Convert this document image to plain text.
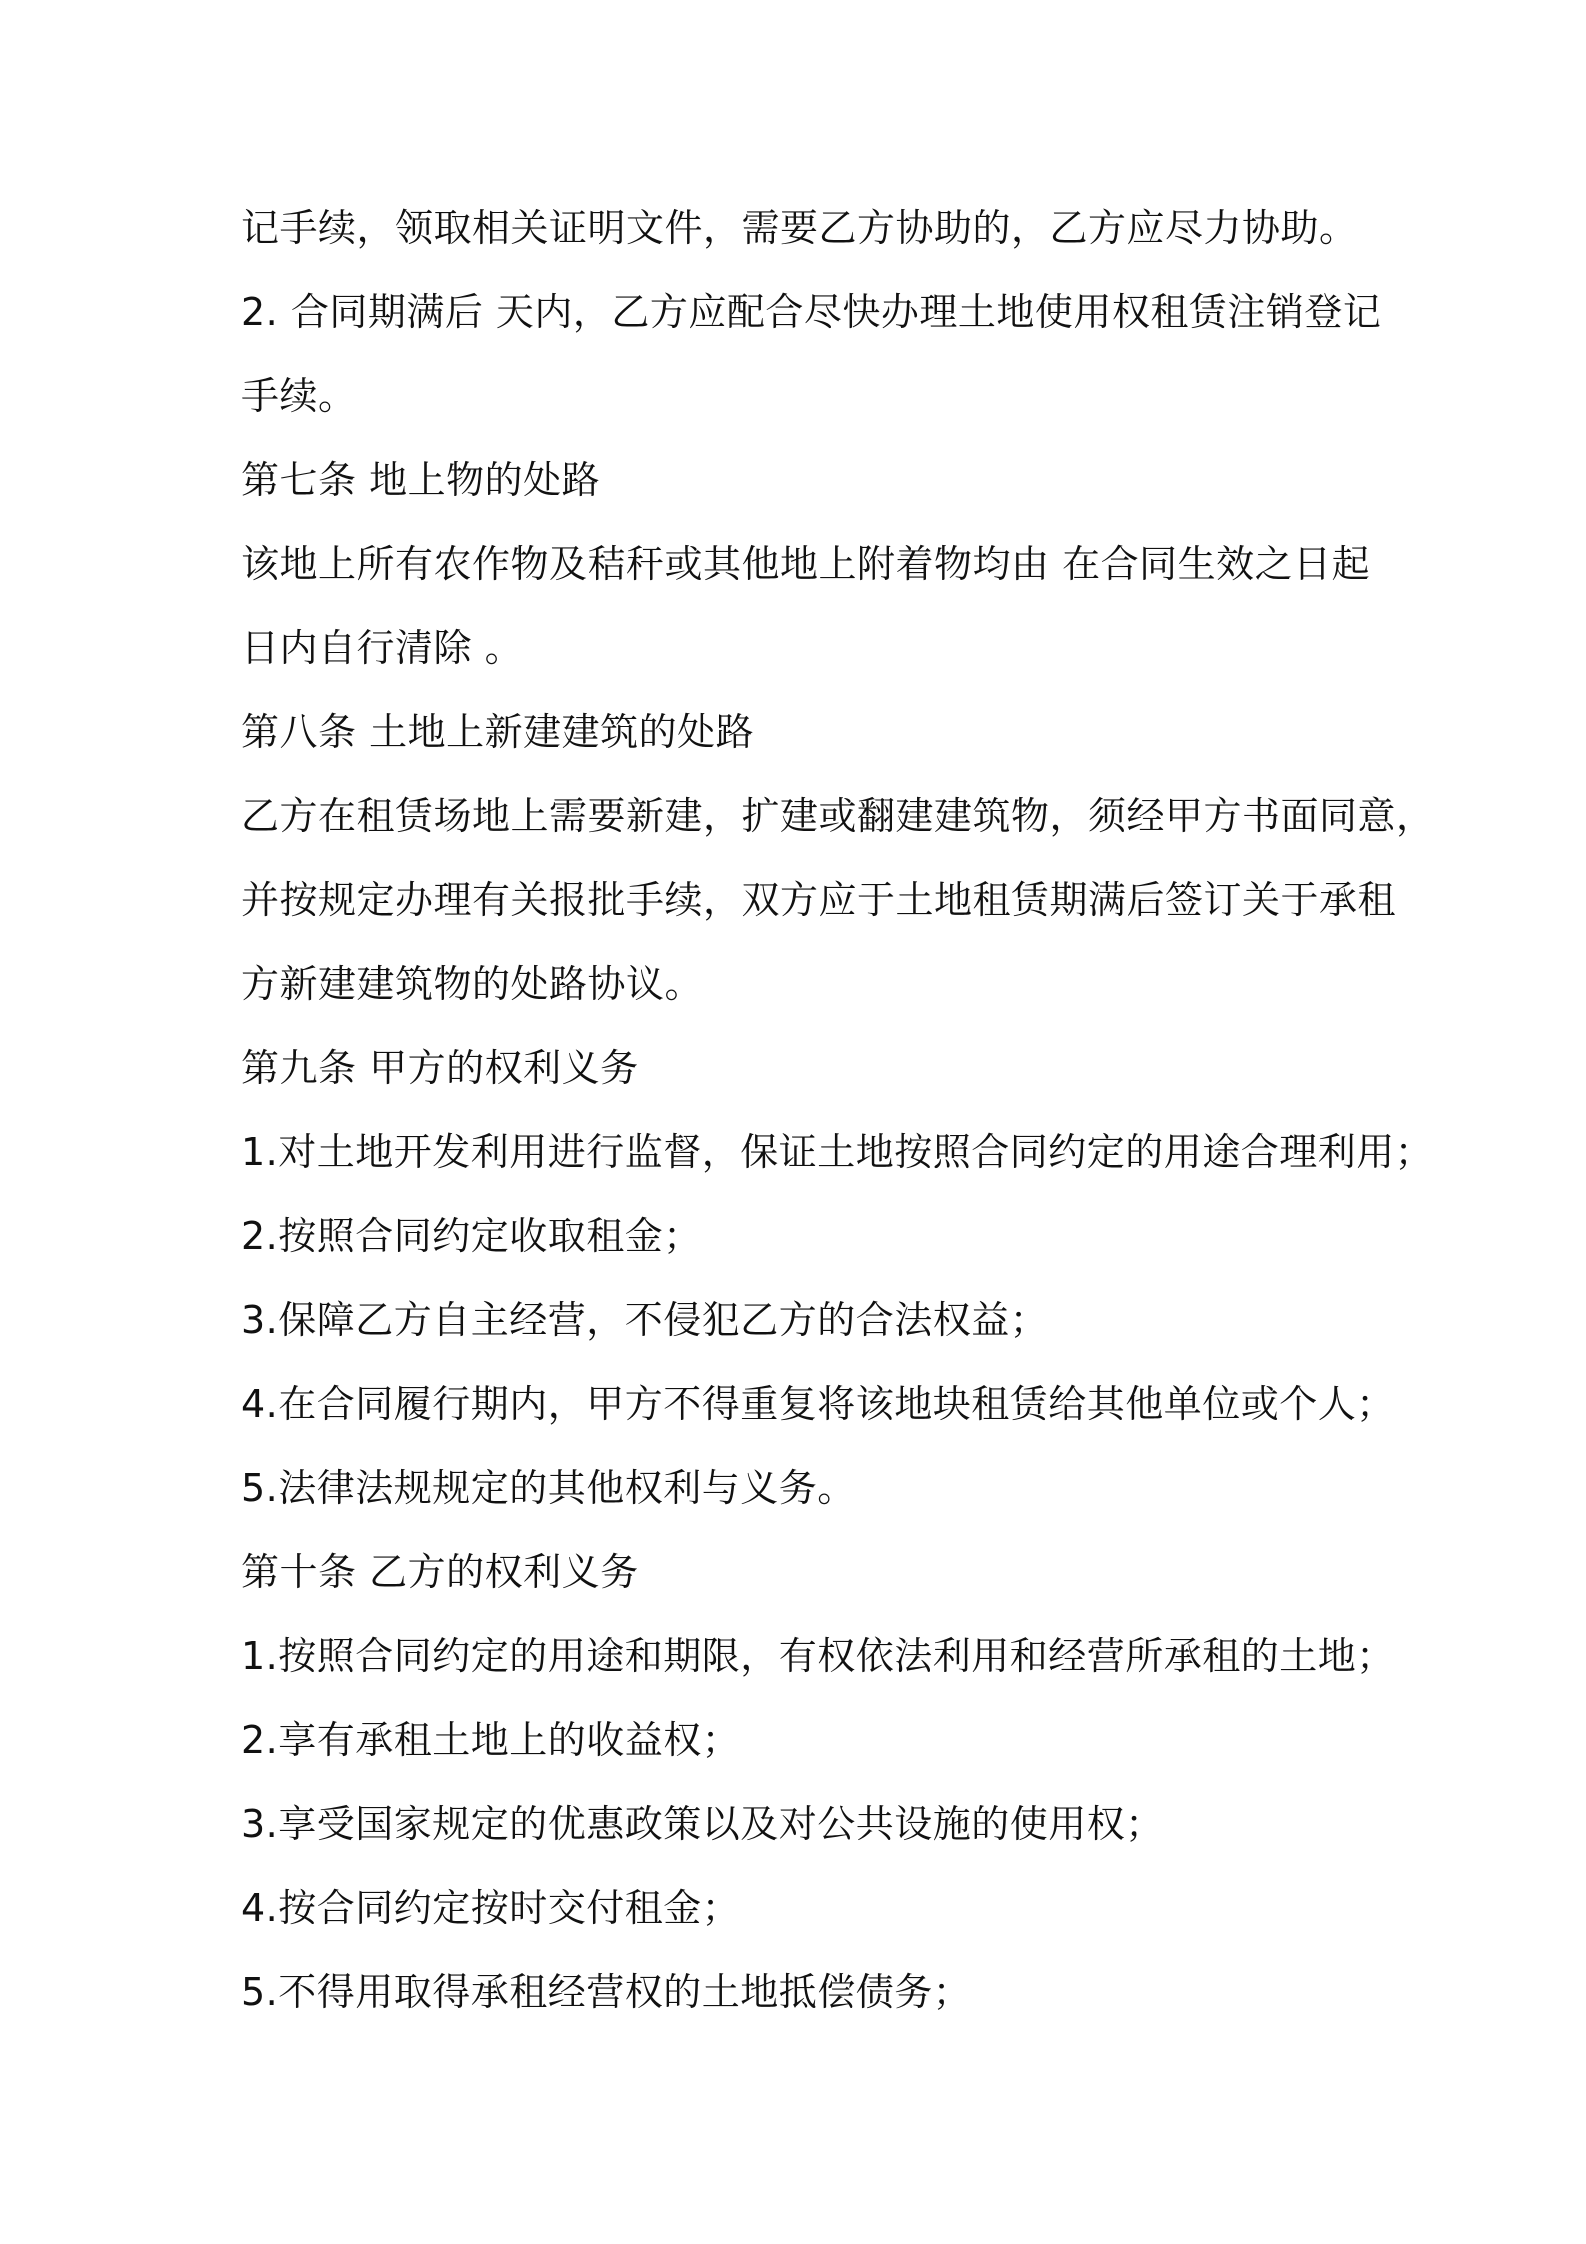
记手续，领取相关证明文件，需要乙方协助的，乙方应尽力协助。
2. 合同期满后 天内，乙方应配合尽快办理土地使用权租赁注销登记
手续。
第七条 地上物的处路
该地上所有农作物及秸秆或其他地上附着物均由 在合同生效之日起
日内自行清除 。
第八条 土地上新建建筑的处路
乙方在租赁场地上需要新建，扩建或翻建建筑物，须经甲方书面同意，
并按规定办理有关报批手续，双方应于土地租赁期满后签订关于承租
方新建建筑物的处路协议。
第九条 甲方的权利义务
1.对土地开发利用进行监督，保证土地按照合同约定的用途合理利用；
2.按照合同约定收取租金；
3.保障乙方自主经营，不侵犯乙方的合法权益；
4.在合同履行期内，甲方不得重复将该地块租赁给其他单位或个人；
5.法律法规规定的其他权利与义务。
第十条 乙方的权利义务
1.按照合同约定的用途和期限，有权依法利用和经营所承租的土地；
2.享有承租土地上的收益权；
3.享受国家规定的优惠政策以及对公共设施的使用权；
4.按合同约定按时交付租金；
5.不得用取得承租经营权的土地抵偿债务；
